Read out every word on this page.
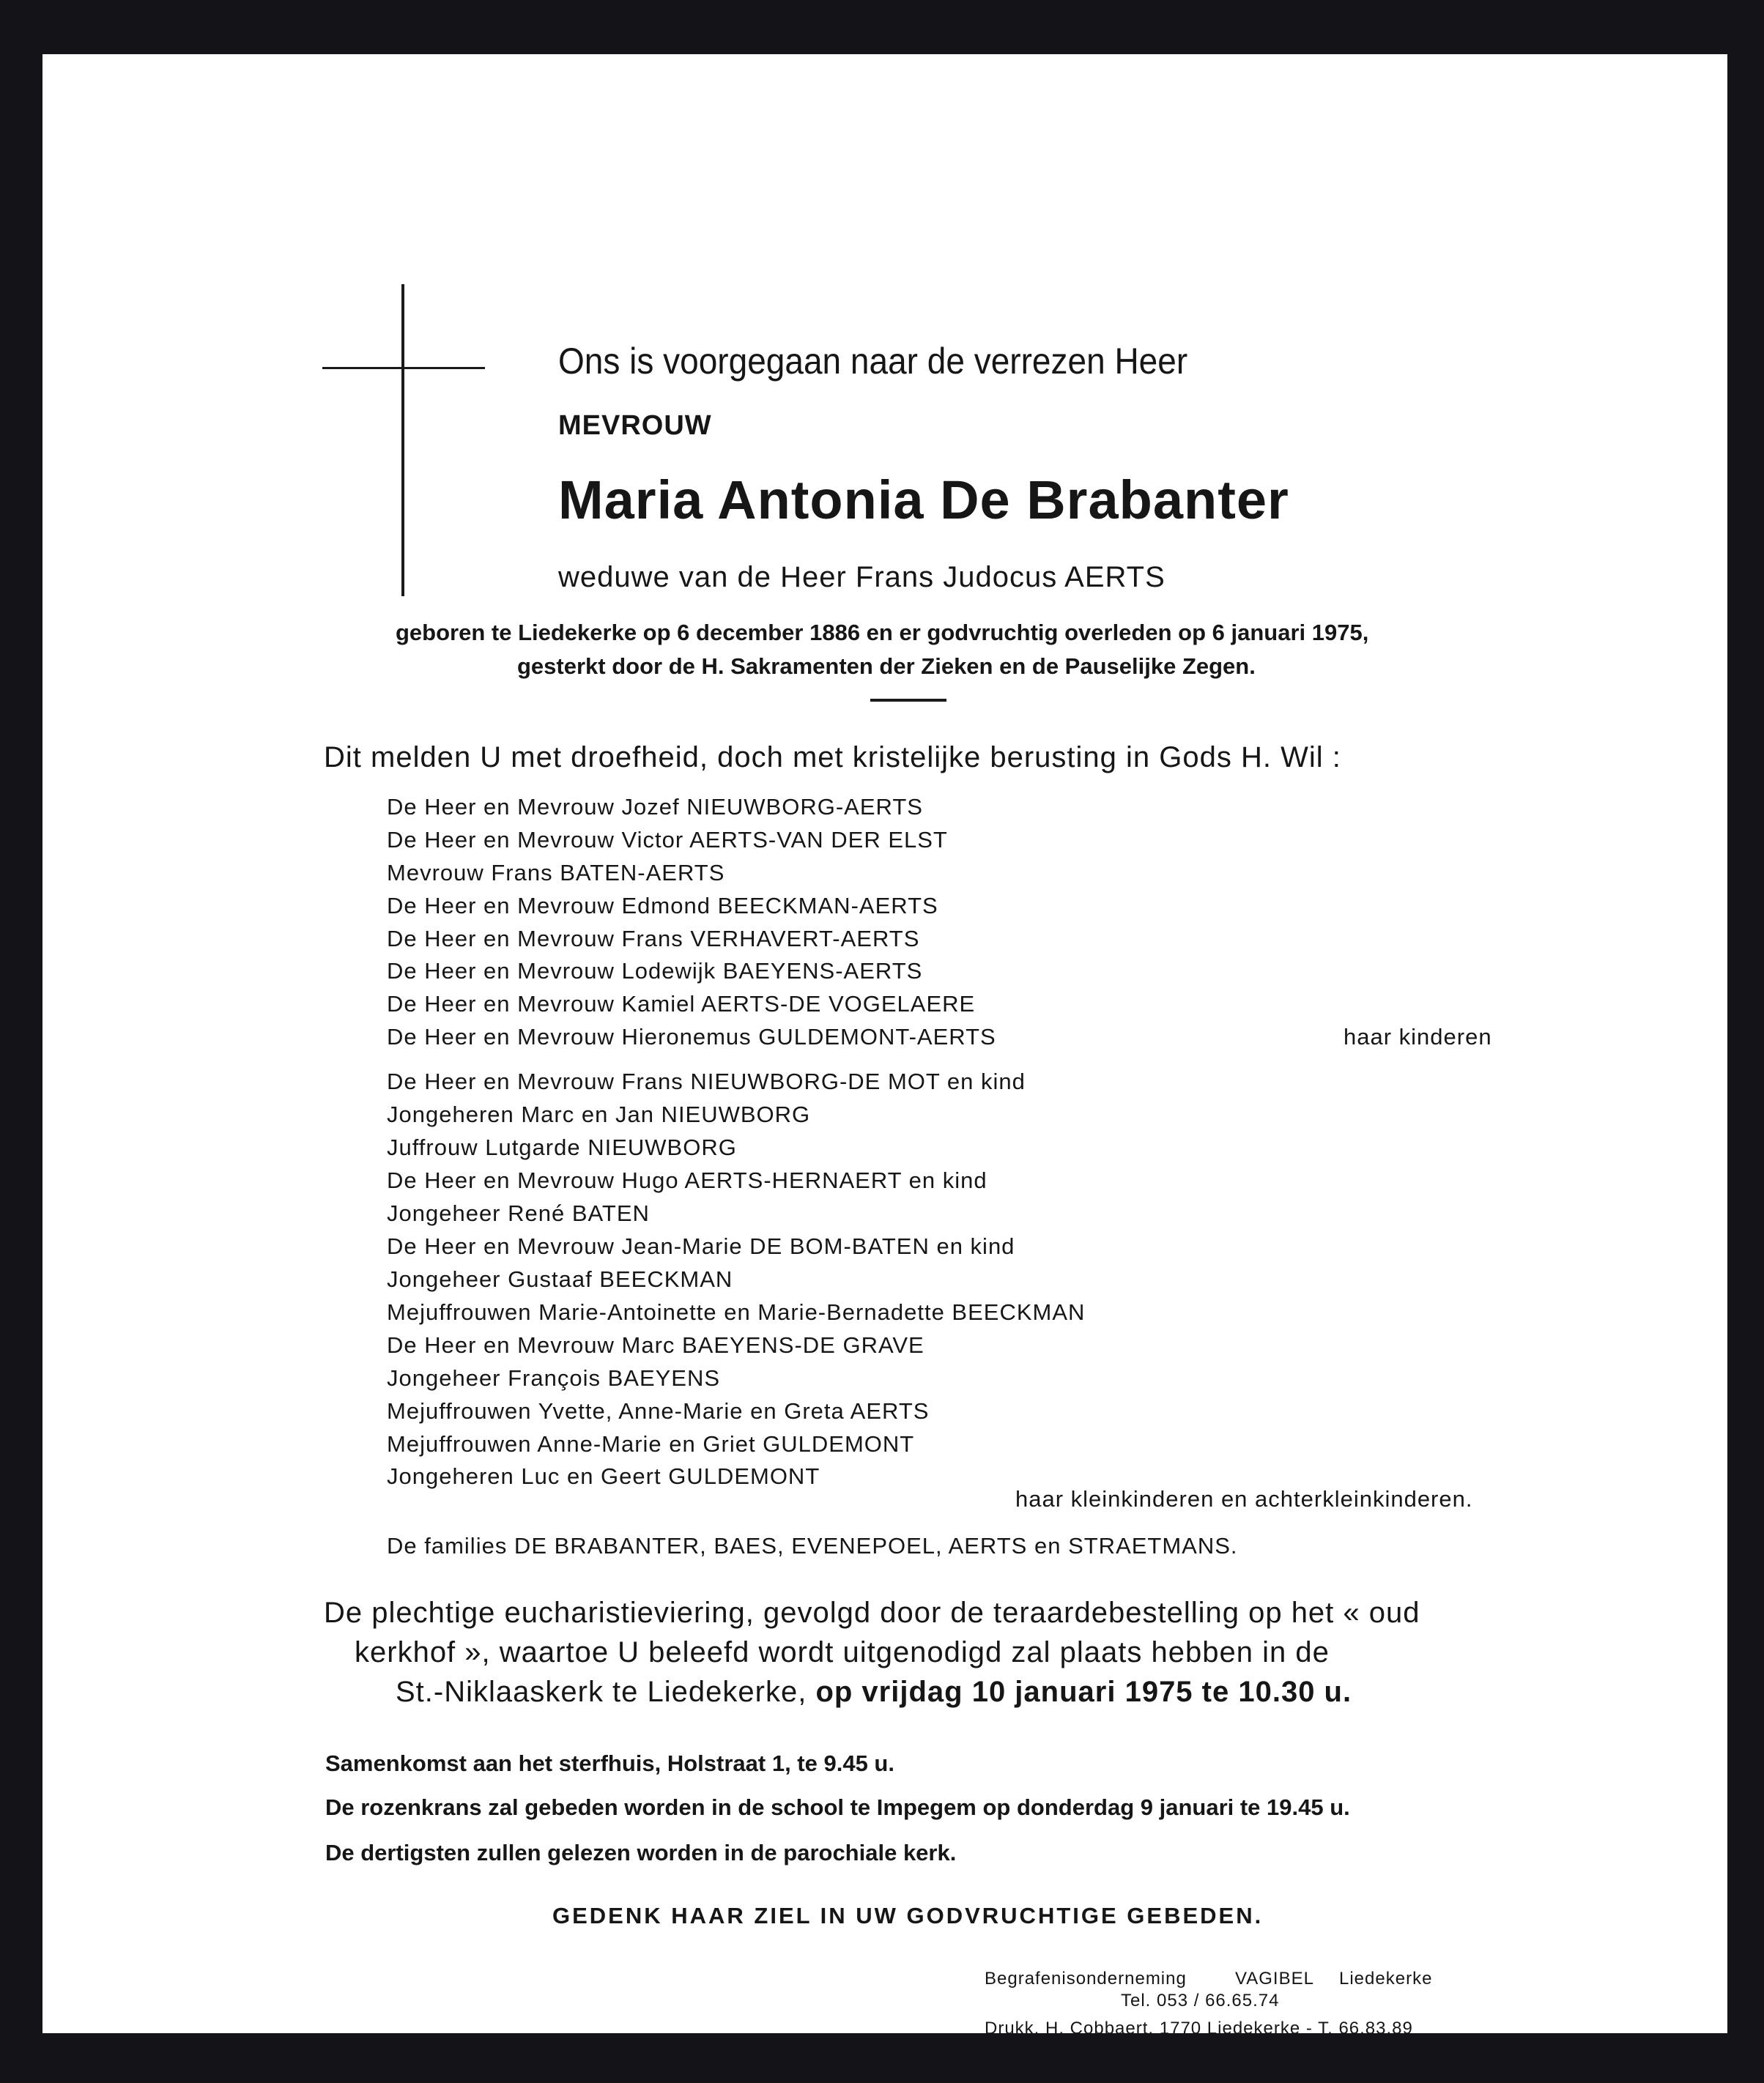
Ons is voorgegaan naar de verrezen Heer
MEVROUW
Maria Antonia De Brabanter
weduwe van de Heer Frans Judocus AERTS
geboren te Liedekerke op 6 december 1886 en er godvruchtig overleden op 6 januari 1975,
gesterkt door de H. Sakramenten der Zieken en de Pauselijke Zegen.
Dit melden U met droefheid, doch met kristelijke berusting in Gods H. Wil :
De Heer en Mevrouw Jozef NIEUWBORG-AERTS
De Heer en Mevrouw Victor AERTS-VAN DER ELST
Mevrouw Frans BATEN-AERTS
De Heer en Mevrouw Edmond BEECKMAN-AERTS
De Heer en Mevrouw Frans VERHAVERT-AERTS
De Heer en Mevrouw Lodewijk BAEYENS-AERTS
De Heer en Mevrouw Kamiel AERTS-DE VOGELAERE
De Heer en Mevrouw Hieronemus GULDEMONT-AERTS	haar kinderen
De Heer en Mevrouw Frans NIEUWBORG-DE MOT en kind
Jongeheren Marc en Jan NIEUWBORG
Juffrouw Lutgarde NIEUWBORG
De Heer en Mevrouw Hugo AERTS-HERNAERT en kind
Jongeheer René BATEN
De Heer en Mevrouw Jean-Marie DE BOM-BATEN en kind
Jongeheer Gustaaf BEECKMAN
Mejuffrouwen Marie-Antoinette en Marie-Bernadette BEECKMAN
De Heer en Mevrouw Marc BAEYENS-DE GRAVE
Jongeheer François BAEYENS
Mejuffrouwen Yvette, Anne-Marie en Greta AERTS
Mejuffrouwen Anne-Marie en Griet GULDEMONT
Jongeheren Luc en Geert GULDEMONT
haar kleinkinderen en achterkleinkinderen.
De families DE BRABANTER, BAES, EVENEPOEL, AERTS en STRAETMANS.
De plechtige eucharistieviering, gevolgd door de teraardebestelling op het « oud
kerkhof », waartoe U beleefd wordt uitgenodigd zal plaats hebben in de
St.-Niklaaskerk te Liedekerke, op vrijdag 10 januari 1975 te 10.30 u.
Samenkomst aan het sterfhuis, Holstraat 1, te 9.45 u.
De rozenkrans zal gebeden worden in de school te Impegem op donderdag 9 januari te 19.45 u.
De dertigsten zullen gelezen worden in de parochiale kerk.
GEDENK HAAR ZIEL IN UW GODVRUCHTIGE GEBEDEN.
Begrafenisonderneming	VAGIBEL Liedekerke
Tel. 053 / 66.65.74
Drukk. H. Cobbaert, 1770 Liedekerke - T. 66.83.89
